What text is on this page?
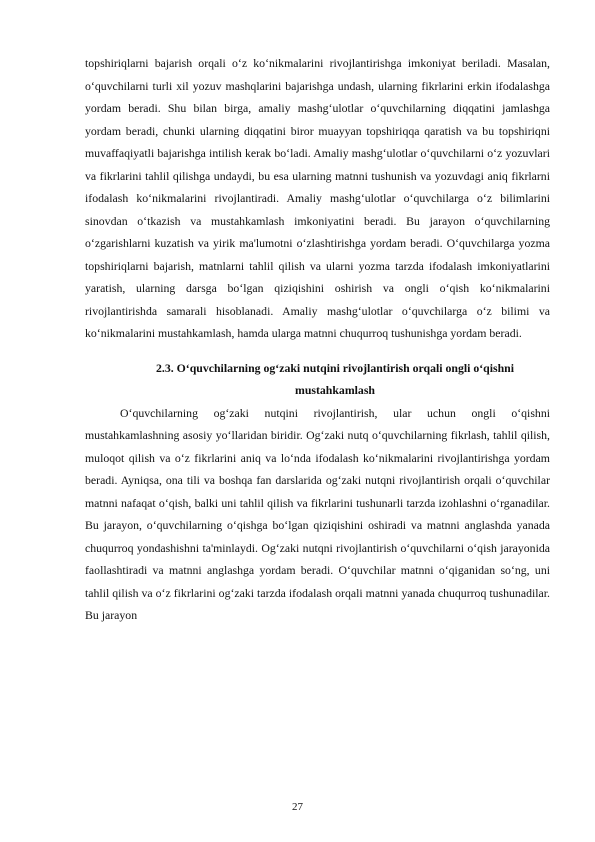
topshiriqlarni bajarish orqali o‘z ko‘nikmalarini rivojlantirishga imkoniyat beriladi. Masalan, o‘quvchilarni turli xil yozuv mashqlarini bajarishga undash, ularning fikrlarini erkin ifodalashga yordam beradi. Shu bilan birga, amaliy mashg‘ulotlar o‘quvchilarning diqqatini jamlashga yordam beradi, chunki ularning diqqatini biror muayyan topshiriqqa qaratish va bu topshiriqni muvaffaqiyatli bajarishga intilish kerak bo‘ladi. Amaliy mashg‘ulotlar o‘quvchilarni o‘z yozuvlari va fikrlarini tahlil qilishga undaydi, bu esa ularning matnni tushunish va yozuvdagi aniq fikrlarni ifodalash ko‘nikmalarini rivojlantiradi. Amaliy mashg‘ulotlar o‘quvchilarga o‘z bilimlarini sinovdan o‘tkazish va mustahkamlash imkoniyatini beradi. Bu jarayon o‘quvchilarning o‘zgarishlarni kuzatish va yirik ma'lumotni o‘zlashtirishga yordam beradi. O‘quvchilarga yozma topshiriqlarni bajarish, matnlarni tahlil qilish va ularni yozma tarzda ifodalash imkoniyatlarini yaratish, ularning darsga bo‘lgan qiziqishini oshirish va ongli o‘qish ko‘nikmalarini rivojlantirishda samarali hisoblanadi. Amaliy mashg‘ulotlar o‘quvchilarga o‘z bilimi va ko‘nikmalarini mustahkamlash, hamda ularga matnni chuqurroq tushunishga yordam beradi.

2.3. O‘quvchilarning og‘zaki nutqini rivojlantirish orqali ongli o‘qishni mustahkamlash

O‘quvchilarning og‘zaki nutqini rivojlantirish, ular uchun ongli o‘qishni mustahkamlashning asosiy yo‘llaridan biridir. Og‘zaki nutq o‘quvchilarning fikrlash, tahlil qilish, muloqot qilish va o‘z fikrlarini aniq va lo‘nda ifodalash ko‘nikmalarini rivojlantirishga yordam beradi. Ayniqsa, ona tili va boshqa fan darslarida og‘zaki nutqni rivojlantirish orqali o‘quvchilar matnni nafaqat o‘qish, balki uni tahlil qilish va fikrlarini tushunarli tarzda izohlashni o‘rganadilar. Bu jarayon, o‘quvchilarning o‘qishga bo‘lgan qiziqishini oshiradi va matnni anglashda yanada chuqurroq yondashishni ta'minlaydi. Og‘zaki nutqni rivojlantirish o‘quvchilarni o‘qish jarayonida faollashtiradi va matnni anglashga yordam beradi. O‘quvchilar matnni o‘qiganidan so‘ng, uni tahlil qilish va o‘z fikrlarini og‘zaki tarzda ifodalash orqali matnni yanada chuqurroq tushunadilar. Bu jarayon

27
